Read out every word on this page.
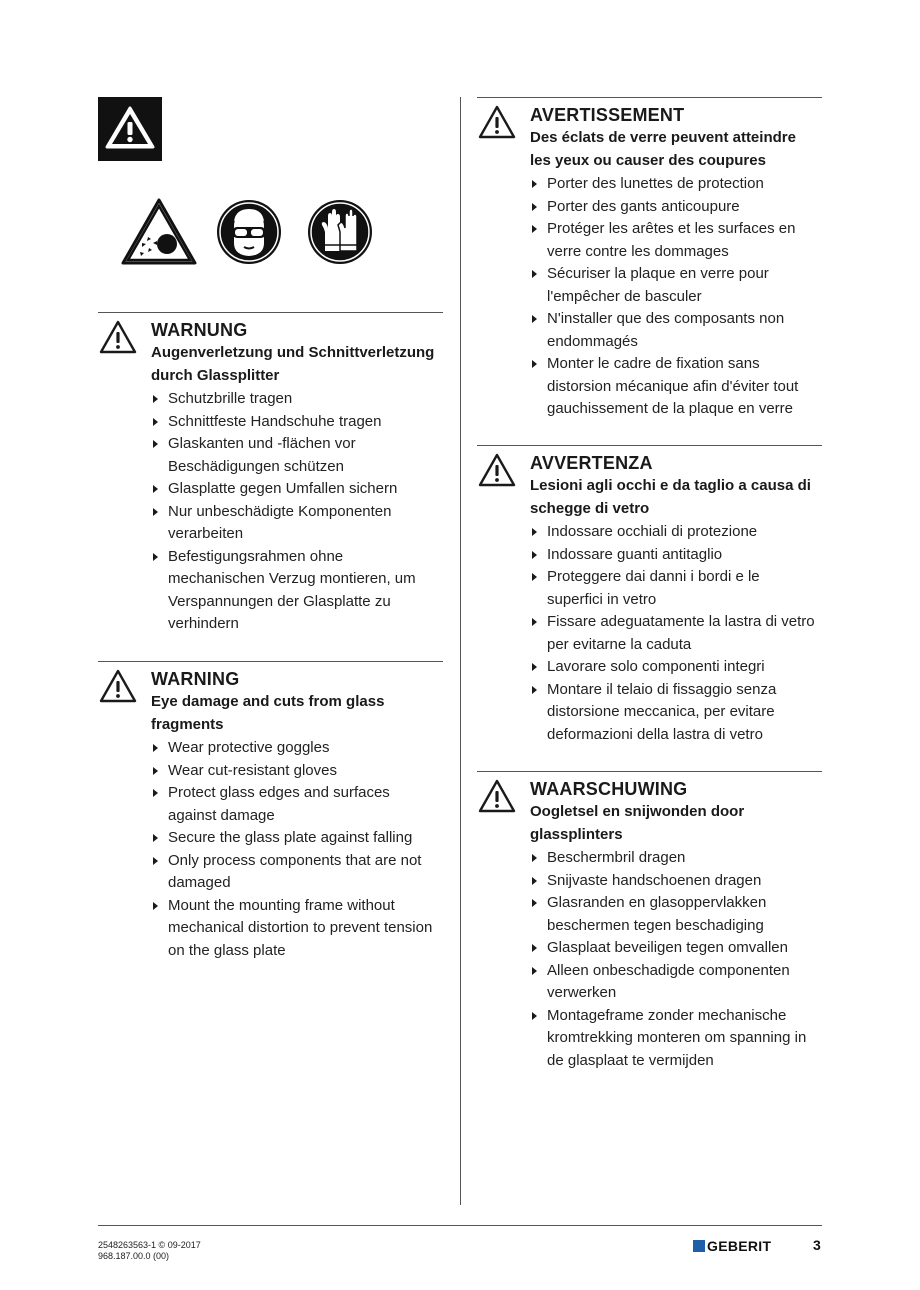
WARNUNG
Augenverletzung und Schnittverletzung
durch Glassplitter
Schutzbrille tragen
Schnittfeste Handschuhe tragen
Glaskanten und -flächen vor
Beschädigungen schützen
Glasplatte gegen Umfallen sichern
Nur unbeschädigte Komponenten
verarbeiten
Befestigungsrahmen ohne
mechanischen Verzug montieren, um
Verspannungen der Glasplatte zu
verhindern
WARNING
Eye damage and cuts from glass
fragments
Wear protective goggles
Wear cut-resistant gloves
Protect glass edges and surfaces
against damage
Secure the glass plate against falling
Only process components that are not
damaged
Mount the mounting frame without
mechanical distortion to prevent tension
on the glass plate
AVERTISSEMENT
Des éclats de verre peuvent atteindre
les yeux ou causer des coupures
Porter des lunettes de protection
Porter des gants anticoupure
Protéger les arêtes et les surfaces en
verre contre les dommages
Sécuriser la plaque en verre pour
l'empêcher de basculer
N'installer que des composants non
endommagés
Monter le cadre de fixation sans
distorsion mécanique afin d'éviter tout
gauchissement de la plaque en verre
AVVERTENZA
Lesioni agli occhi e da taglio a causa di
schegge di vetro
Indossare occhiali di protezione
Indossare guanti antitaglio
Proteggere dai danni i bordi e le
superfici in vetro
Fissare adeguatamente la lastra di vetro
per evitarne la caduta
Lavorare solo componenti integri
Montare il telaio di fissaggio senza
distorsione meccanica, per evitare
deformazioni della lastra di vetro
WAARSCHUWING
Oogletsel en snijwonden door
glassplinters
Beschermbril dragen
Snijvaste handschoenen dragen
Glasranden en glasoppervlakken
beschermen tegen beschadiging
Glasplaat beveiligen tegen omvallen
Alleen onbeschadigde componenten
verwerken
Montageframe zonder mechanische
kromtrekking monteren om spanning in
de glasplaat te vermijden
2548263563-1 © 09-2017
968.187.00.0 (00)
GEBERIT	3
